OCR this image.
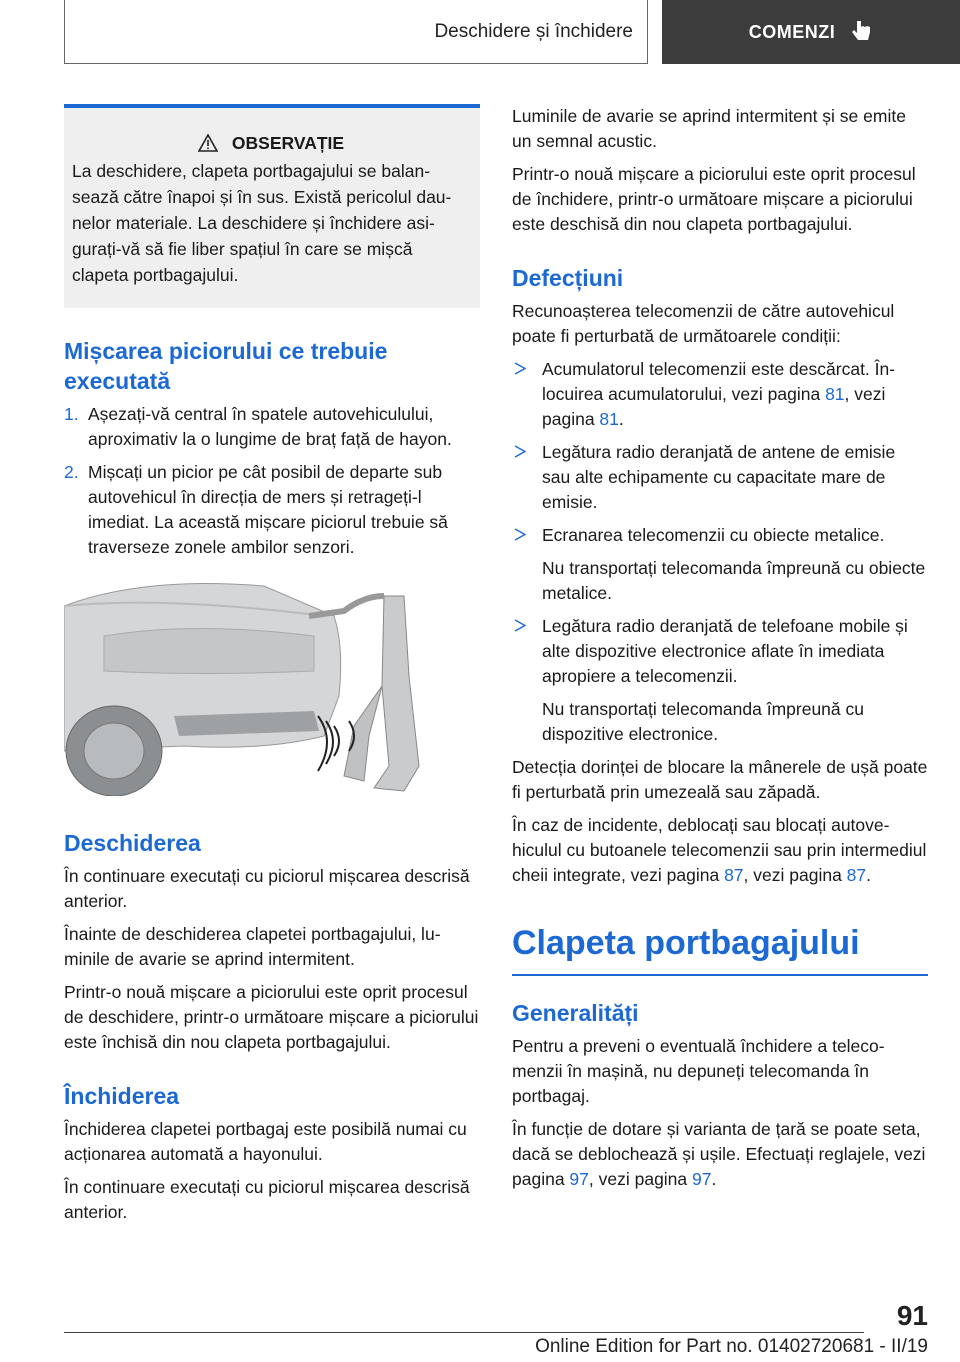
Deschidere și închidere	COMENZI
OBSERVAȚIE
La deschidere, clapeta portbagajului se balansează către înapoi și în sus. Există pericolul daunelor materiale. La deschidere și închidere asigurați-vă să fie liber spațiul în care se mișcă clapeta portbagajului.
Mișcarea piciorului ce trebuie executată
1. Așezați-vă central în spatele autovehiculului, aproximativ la o lungime de braț față de hayon.
2. Mișcați un picior pe cât posibil de departe sub autovehicul în direcția de mers și retrageți-l imediat. La această mișcare piciorul trebuie să traverseze zonele ambilor senzori.
Deschiderea

În continuare executați cu piciorul mișcarea descrisă anterior.

Înainte de deschiderea clapetei portbagajului, luminile de avarie se aprind intermitent.

Printr-o nouă mișcare a piciorului este oprit procesul de deschidere, printr-o următoare mișcare a piciorului este închisă din nou clapeta portbagajului.

Închiderea

Închiderea clapetei portbagaj este posibilă numai cu acționarea automată a hayonului.

În continuare executați cu piciorul mișcarea descrisă anterior.

Luminile de avarie se aprind intermitent și se emite un semnal acustic.

Printr-o nouă mișcare a piciorului este oprit procesul de închidere, printr-o următoare mișcare a piciorului este deschisă din nou clapeta portbagajului.

Defecțiuni

Recunoașterea telecomenzii de către autovehicul poate fi perturbată de următoarele condiții:

Acumulatorul telecomenzii este descărcat. Înlocuirea acumulatorului, vezi pagina 81, vezi pagina 81.
Legătura radio deranjată de antene de emisie sau alte echipamente cu capacitate mare de emisie.
Ecranarea telecomenzii cu obiecte metalice.
Nu transportați telecomanda împreună cu obiecte metalice.
Legătura radio deranjată de telefoane mobile și alte dispozitive electronice aflate în imediata apropiere a telecomenzii.
Nu transportați telecomanda împreună cu dispozitive electronice.

Detecția dorinței de blocare la mânerele de ușă poate fi perturbată prin umezeală sau zăpadă.

În caz de incidente, deblocați sau blocați autovehiculul cu butoanele telecomenzii sau prin intermediul cheii integrate, vezi pagina 87, vezi pagina 87.

Clapeta portbagajului
Generalități

Pentru a preveni o eventuală închidere a telecomenzii în mașină, nu depuneți telecomanda în portbagaj.

În funcție de dotare și varianta de țară se poate seta, dacă se deblochează și ușile. Efectuați reglajele, vezi pagina 97, vezi pagina 97.

91
Online Edition for Part no. 01402720681 - II/19
